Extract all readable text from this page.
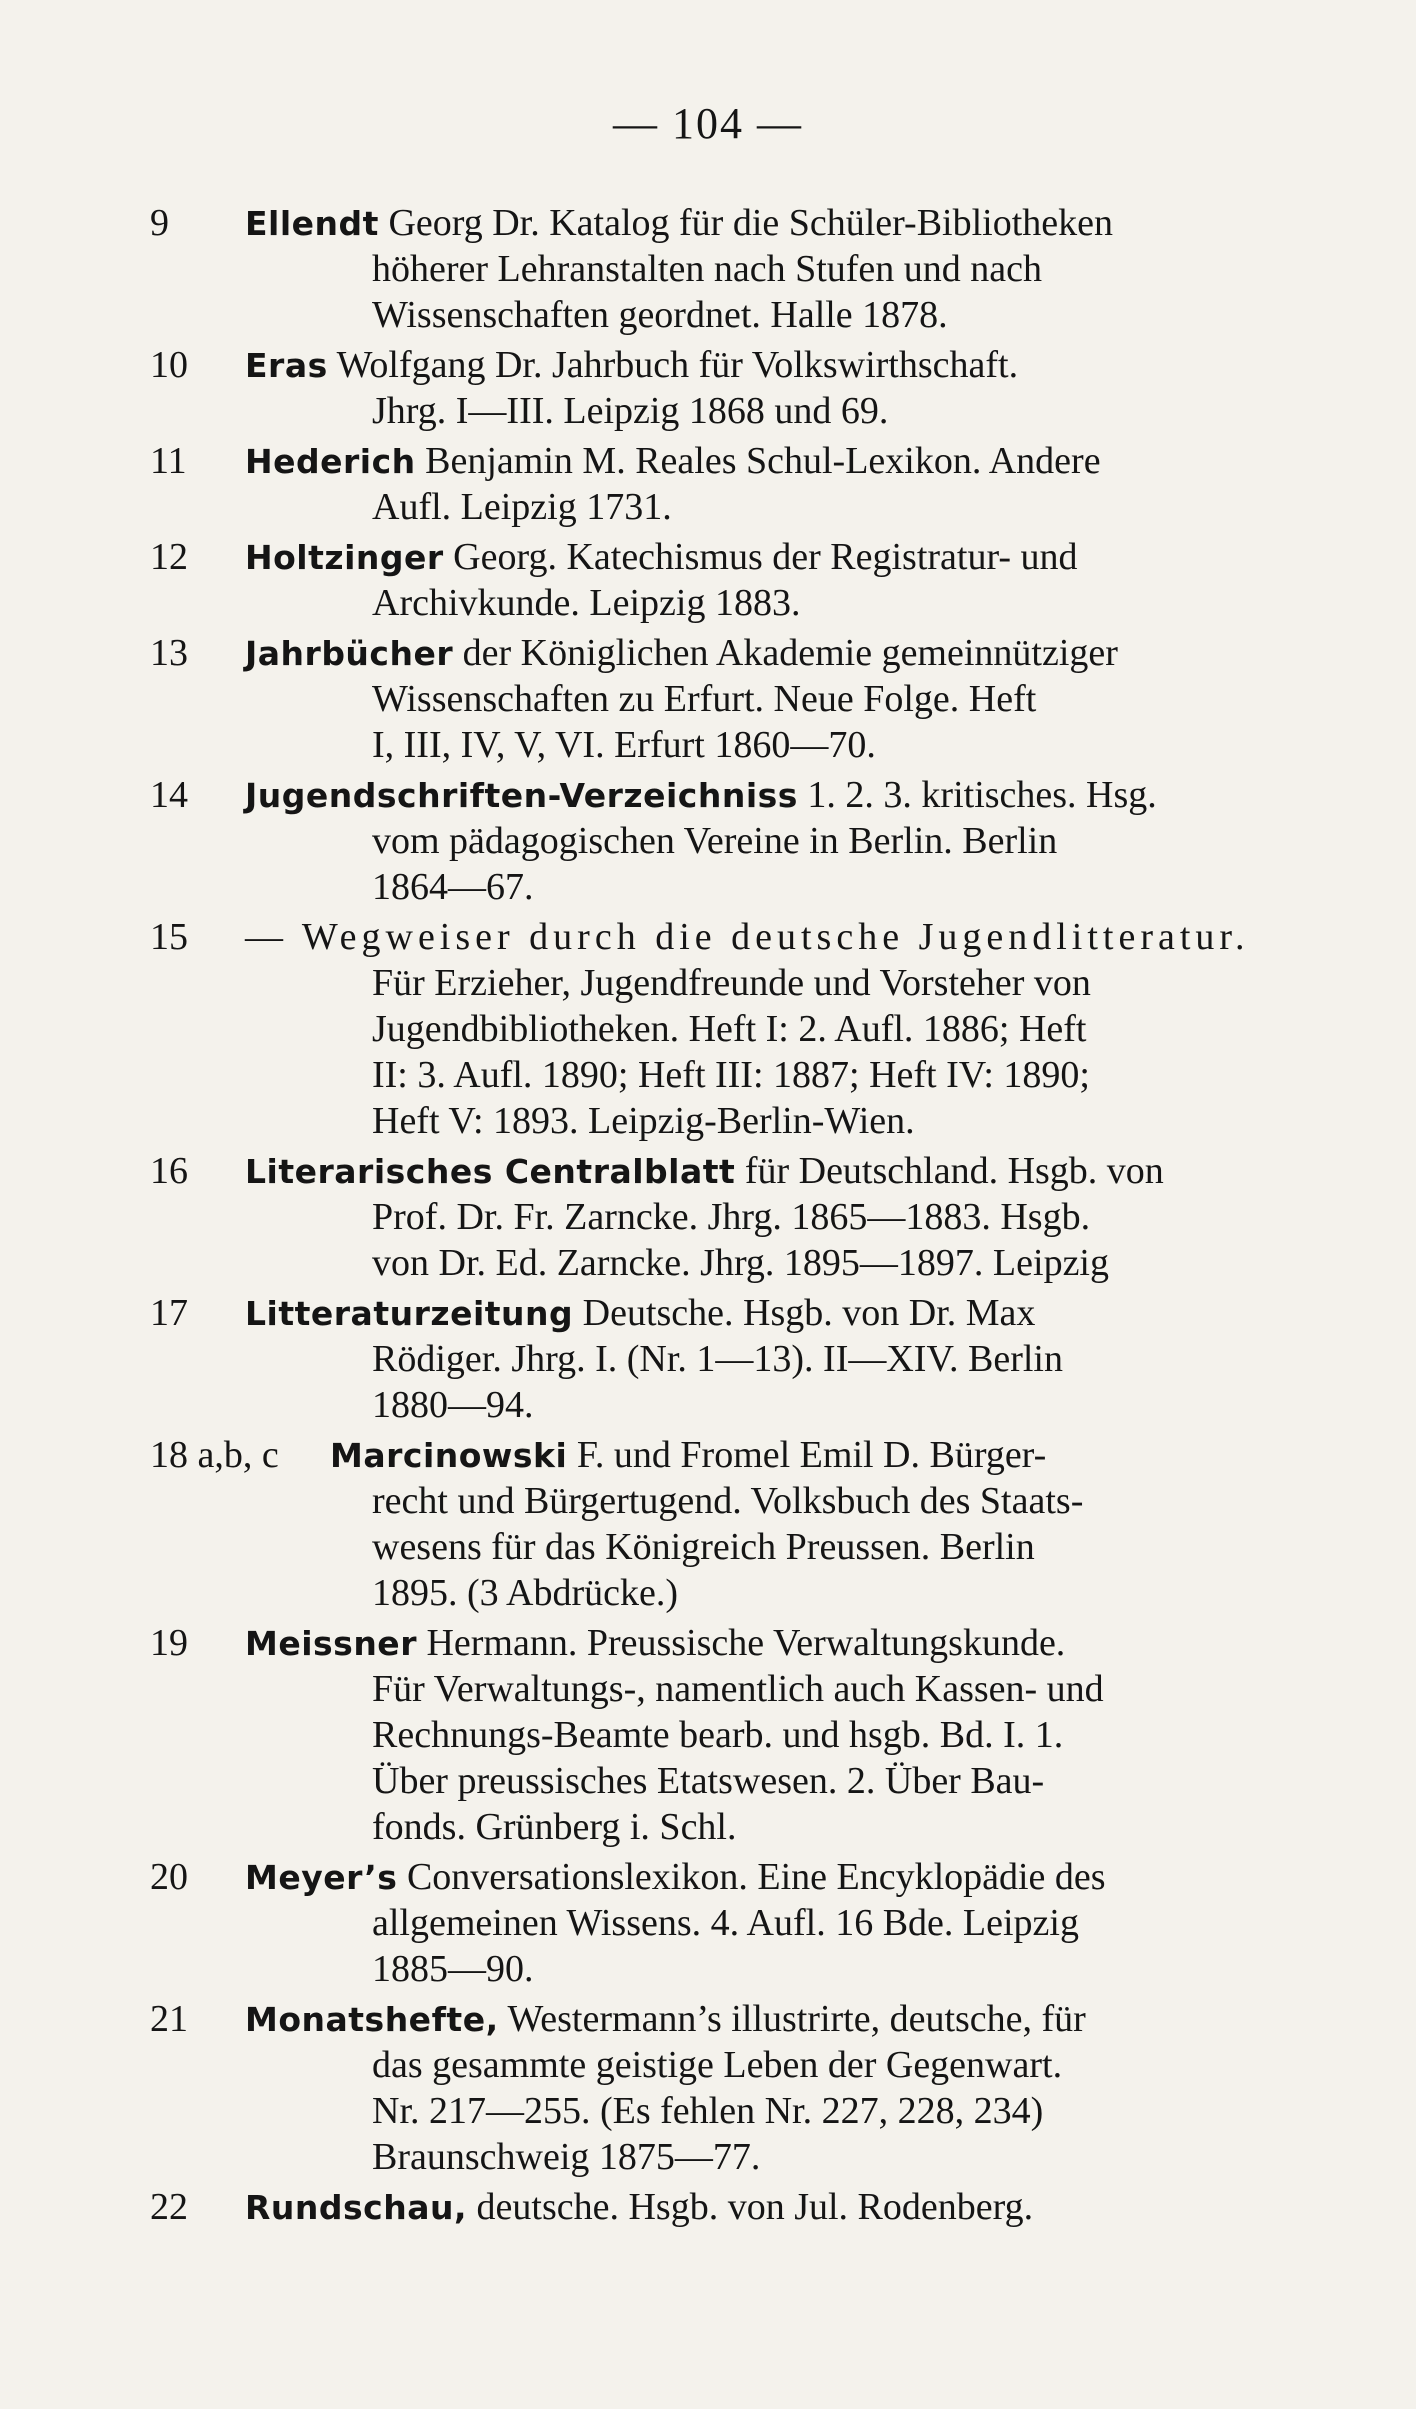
— 104 —
9	Ellendt Georg Dr. Katalog für die Schüler-Bibliotheken
höherer Lehranstalten nach Stufen und nach
Wissenschaften geordnet. Halle 1878.
10	Eras Wolfgang Dr. Jahrbuch für Volkswirthschaft.
Jhrg. I—III. Leipzig 1868 und 69.
11	Hederich Benjamin M. Reales Schul-Lexikon. Andere
Aufl. Leipzig 1731.
12	Holtzinger Georg. Katechismus der Registratur- und
Archivkunde. Leipzig 1883.
13	Jahrbücher der Königlichen Akademie gemeinnütziger
Wissenschaften zu Erfurt. Neue Folge. Heft
I, III, IV, V, VI. Erfurt 1860—70.
14	Jugendschriften-Verzeichniss 1. 2. 3. kritisches. Hsg.
vom pädagogischen Vereine in Berlin. Berlin
1864—67.
15	— Wegweiser durch die deutsche Jugendlitteratur.
Für Erzieher, Jugendfreunde und Vorsteher von
Jugendbibliotheken. Heft I: 2. Aufl. 1886; Heft
II: 3. Aufl. 1890; Heft III: 1887; Heft IV: 1890;
Heft V: 1893. Leipzig-Berlin-Wien.
16	Literarisches Centralblatt für Deutschland. Hsgb. von
Prof. Dr. Fr. Zarncke. Jhrg. 1865—1883. Hsgb.
von Dr. Ed. Zarncke. Jhrg. 1895—1897. Leipzig
17	Litteraturzeitung Deutsche. Hsgb. von Dr. Max
Rödiger. Jhrg. I. (Nr. 1—13). II—XIV. Berlin
1880—94.
18 a,b, c Marcinowski F. und Fromel Emil D. Bürger-
recht und Bürgertugend. Volksbuch des Staats-
wesens für das Königreich Preussen. Berlin
1895. (3 Abdrücke.)
19	Meissner Hermann. Preussische Verwaltungskunde.
Für Verwaltungs-, namentlich auch Kassen- und
Rechnungs-Beamte bearb. und hsgb. Bd. I. 1.
Über preussisches Etatswesen. 2. Über Bau-
fonds. Grünberg i. Schl.
20	Meyer’s Conversationslexikon. Eine Encyklopädie des
allgemeinen Wissens. 4. Aufl. 16 Bde. Leipzig
1885—90.
21	Monatshefte, Westermann’s illustrirte, deutsche, für
das gesammte geistige Leben der Gegenwart.
Nr. 217—255. (Es fehlen Nr. 227, 228, 234)
Braunschweig 1875—77.
22	Rundschau, deutsche. Hsgb. von Jul. Rodenberg.
